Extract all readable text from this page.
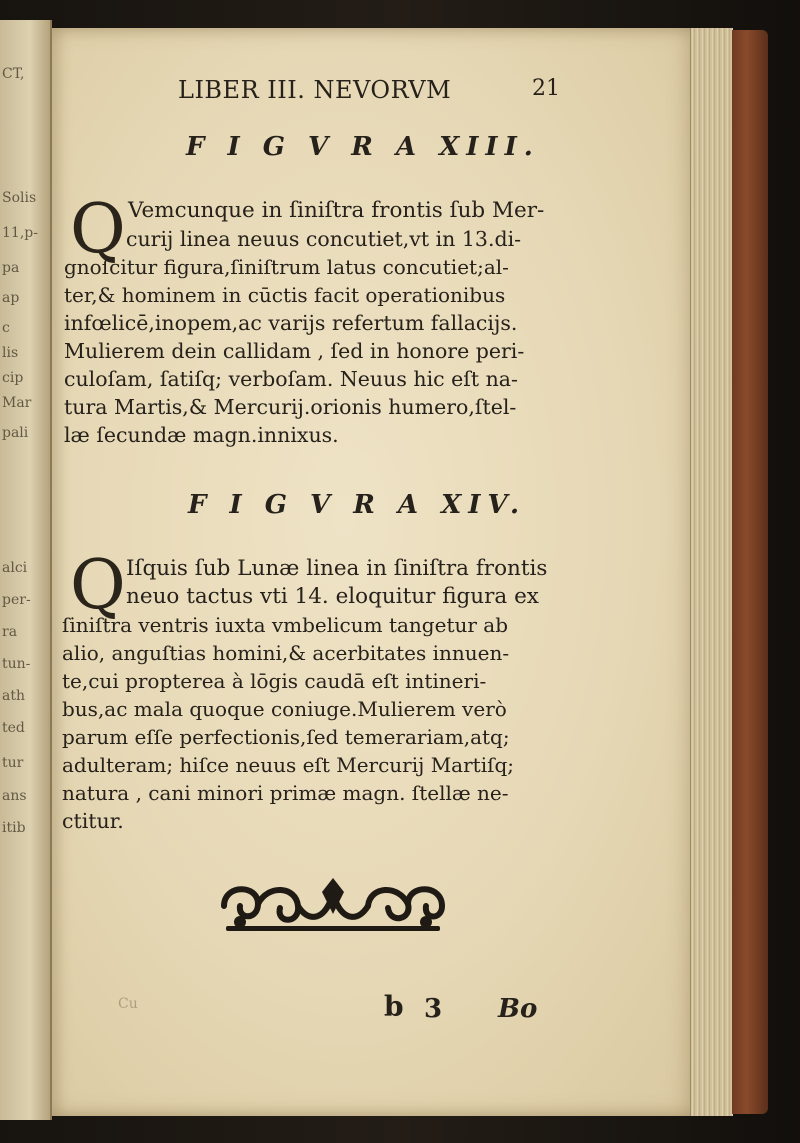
CT,
Solis
11,p-
pa
ap
c
lis
cip
Mar
pali
alci
per-
ra
tun-
ath
ted
tur
ans
itib
LIBER III. NEVORVM	21
F I G V R A XIII.
Q Vemcunque in ſiniſtra frontis ſub Mer-
curij linea neuus concutiet,vt in 13.di-
gnoſcitur figura,ſiniſtrum latus concutiet;al-
ter,& hominem in cūctis facit operationibus
infœlicē,inopem,ac varijs refertum fallacijs.
Mulierem dein callidam , ſed in honore peri-
culoſam, ſatiſq; verboſam. Neuus hic eſt na-
tura Martis,& Mercurij.orionis humero,ſtel-
læ ſecundæ magn.innixus.
F I G V R A XIV.
Q Iſquis ſub Lunæ linea in ſiniſtra frontis
neuo tactus vti 14. eloquitur figura ex
ſiniſtra ventris iuxta vmbelicum tangetur ab
alio, anguſtias homini,& acerbitates innuen-
te,cui propterea à lōgis caudā eſt intineri-
bus,ac mala quoque coniuge.Mulierem verò
parum eſſe perfectionis,ſed temerariam,atq;
adulteram; hiſce neuus eſt Mercurij Martiſq;
natura , cani minori primæ magn. ſtellæ ne-
ctitur.
b 3 Bo
Cu
